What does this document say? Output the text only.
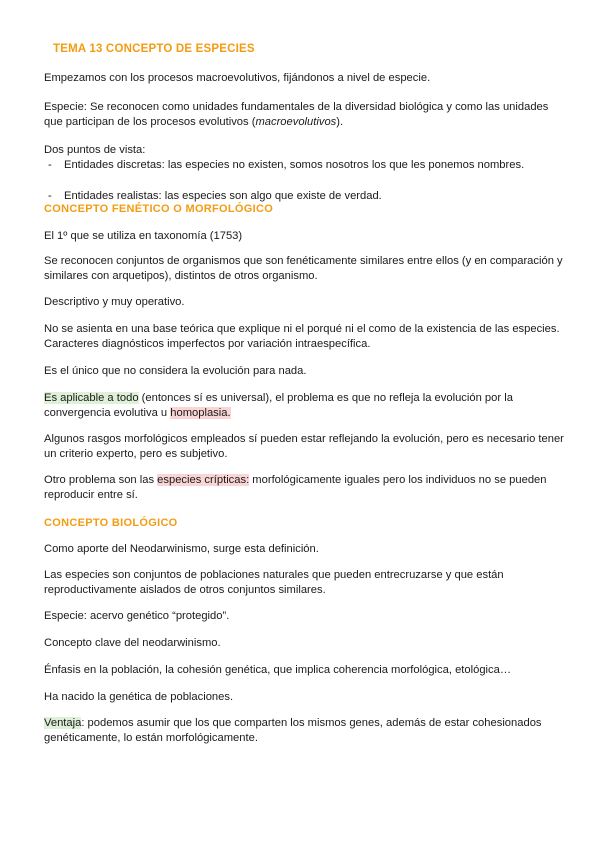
TEMA 13 CONCEPTO DE ESPECIES
Empezamos con los procesos macroevolutivos, fijándonos a nivel de especie.
Especie: Se reconocen como unidades fundamentales de la diversidad biológica y como las unidades que participan de los procesos evolutivos (macroevolutivos).
Dos puntos de vista:
- Entidades discretas: las especies no existen, somos nosotros los que les ponemos nombres.
- Entidades realistas: las especies son algo que existe de verdad.
CONCEPTO FENÉTICO O MORFOLÓGICO
El 1º que se utiliza en taxonomía (1753)
Se reconocen conjuntos de organismos que son fenéticamente similares entre ellos (y en comparación y similares con arquetipos), distintos de otros organismo.
Descriptivo y muy operativo.
No se asienta en una base teórica que explique ni el porqué ni el como de la existencia de las especies. Caracteres diagnósticos imperfectos por variación intraespecífica.
Es el único que no considera la evolución para nada.
Es aplicable a todo (entonces sí es universal), el problema es que no refleja la evolución por la convergencia evolutiva u homoplasia.
Algunos rasgos morfológicos empleados sí pueden estar reflejando la evolución, pero es necesario tener un criterio experto, pero es subjetivo.
Otro problema son las especies crípticas: morfológicamente iguales pero los individuos no se pueden reproducir entre sí.
CONCEPTO BIOLÓGICO
Como aporte del Neodarwinismo, surge esta definición.
Las especies son conjuntos de poblaciones naturales que pueden entrecruzarse y que están reproductivamente aislados de otros conjuntos similares.
Especie: acervo genético “protegido”.
Concepto clave del neodarwinismo.
Énfasis en la población, la cohesión genética, que implica coherencia morfológica, etológica…
Ha nacido la genética de poblaciones.
Ventaja: podemos asumir que los que comparten los mismos genes, además de estar cohesionados genéticamente, lo están morfológicamente.
